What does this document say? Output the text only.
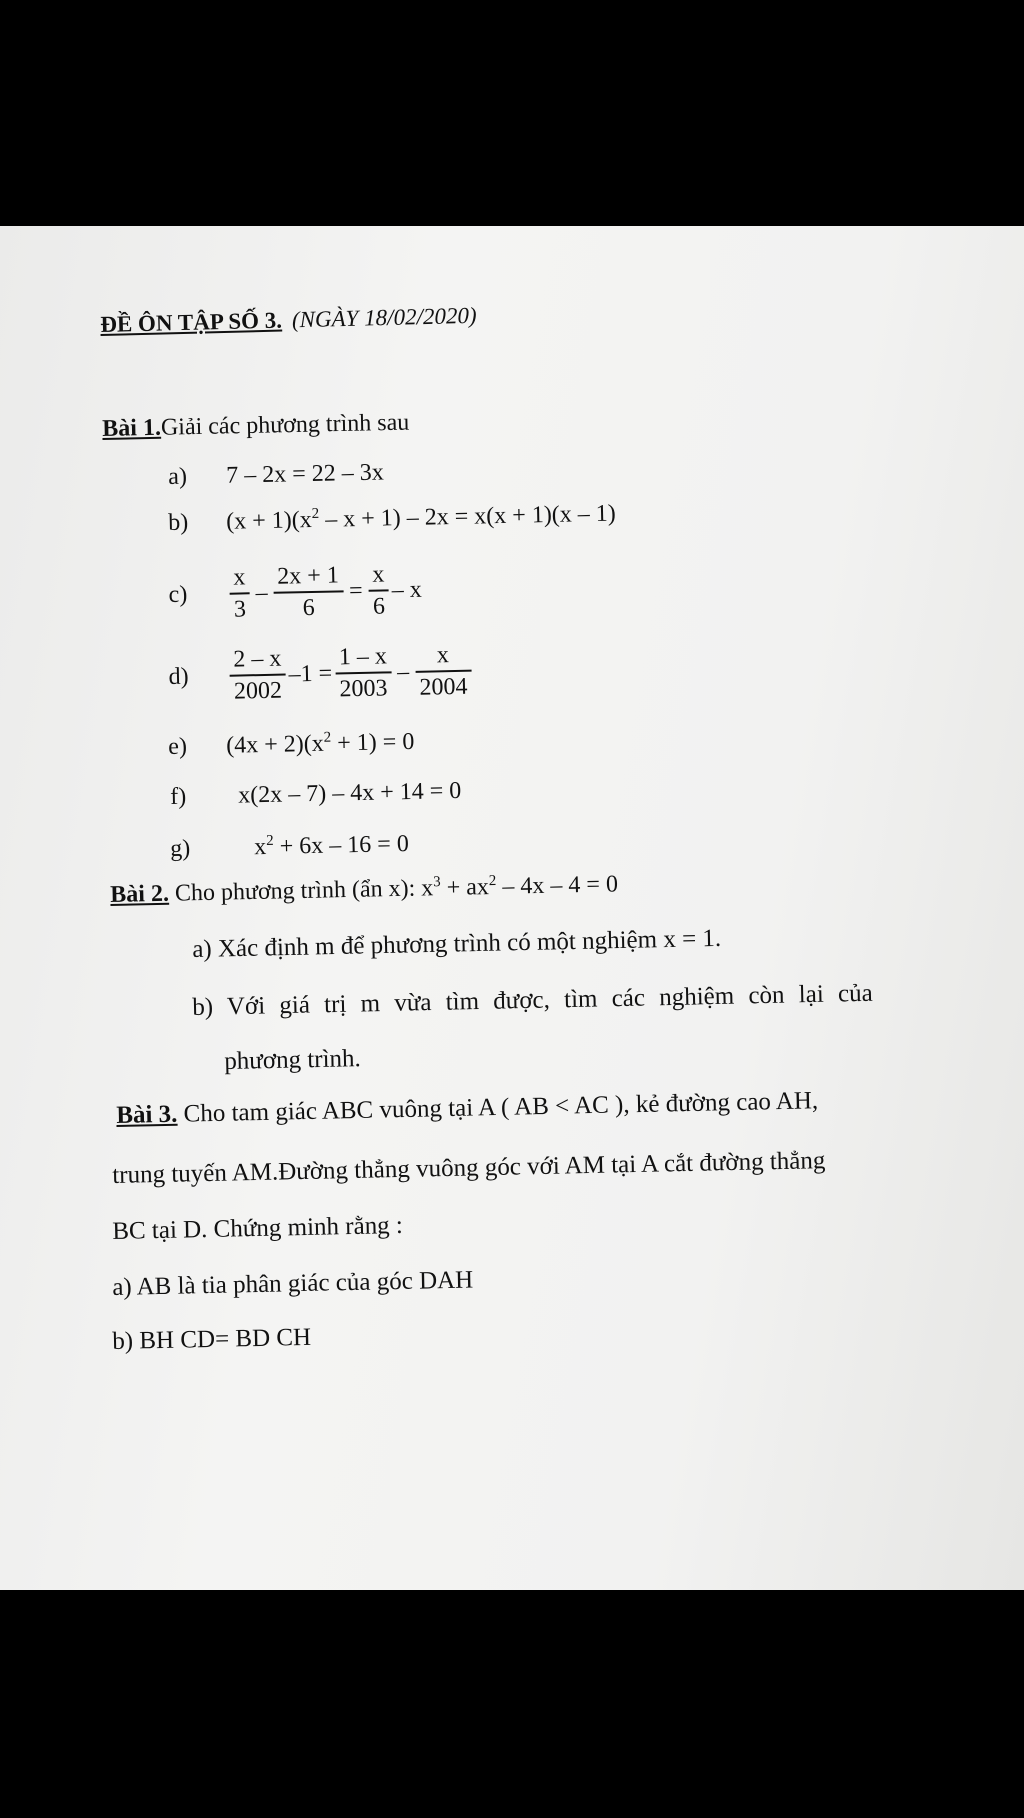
ĐỀ ÔN TẬP SỐ 3. (NGÀY 18/02/2020)
Bài 1.Giải các phương trình sau
a) 7 – 2x = 22 – 3x
b) $(x + 1)(x^2 - x + 1) - 2x = x(x + 1)(x - 1)$
c)	$\frac{x}{3} - \frac{2x + 1}{6} = \frac{x}{6} - x$
d)	$\frac{2 - x}{2002} -1 = \frac{1 - x}{2003} - \frac{x}{2004}$
e) $(4x + 2)(x^2 + 1) = 0$
f) x(2x – 7) – 4x + 14 = 0
g)	$x^2 + 6x - 16 = 0$
Bài 2. Cho phương trình (ẩn x): $x^3 + ax^2 - 4x - 4 = 0$
a) Xác định m để phương trình có một nghiệm x = 1.
b) Với giá trị m vừa tìm được, tìm các nghiệm còn lại của
phương trình.
Bài 3. Cho tam giác ABC vuông tại A ( AB < AC ), kẻ đường cao AH,
trung tuyến AM.Đường thẳng vuông góc với AM tại A cắt đường thẳng
BC tại D. Chứng minh rằng :
a) AB là tia phân giác của góc DAH
b) BH CD= BD CH
